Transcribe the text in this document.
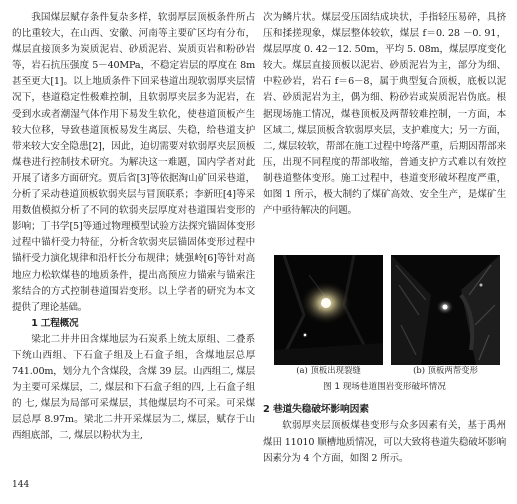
我国煤层赋存条件复杂多样，软弱厚层顶板条件所占的比重较大，在山西、安徽、河南等主要矿区均有分布，煤层直接顶多为炭质泥岩、砂质泥岩、炭质页岩和粉砂岩等，岩石抗压强度 5－40MPa，不稳定岩层的厚度在 8m 甚至更大[1]。以上地质条件下回采巷道出现软弱厚夹层情况下，巷道稳定性极难控制，且软弱厚夹层多为泥岩，在受到水或者潮湿气体作用下易发生软化，使巷道顶板产生较大位移，导致巷道顶板易发生离层、失稳，给巷道支护带来较大安全隐患[2]，因此，迫切需要对软弱厚夹层顶板煤巷进行控制技术研究。为解决这一难题，国内学者对此开展了诸多方面研究。贾后省[3]等依据淘山矿回采巷道，分析了采动巷道顶板软弱夹层与冒顶联系；李新旺[4]等采用数值模拟分析了不同的软弱夹层厚度对巷道围岩变形的影响；丁书学[5]等通过物理模型试验方法探究锚固体变形过程中锚杆受力特征，分析含软弱夹层锚固体变形过程中锚杆受力演化规律和沿杆长分布规律；姚强岭[6]等针对高地应力松软煤巷的地质条件，提出高预应力锚索与锚索注浆结合的方式控制巷道围岩变形。以上学者的研究为本文提供了理论基础。

1 工程概况

梁北二井井田含煤地层为石炭系上统太原组、二叠系下统山西组、下石盒子组及上石盒子组，含煤地层总厚 741.00m，划分九个含煤段，含煤 39 层。山西组二, 煤层为主要可采煤层，二, 煤层和下石盒子组的四, 上石盒子组的 七, 煤层为局部可采煤层，其他煤层均不可采。可采煤层总厚 8.97m。梁北二井开采煤层为二, 煤层，赋存于山西组底部，二, 煤层以粉状为主,

次为鳞片状。煤层受压固结成块状，手指轻压易碎，具挤压和揉搓现象，煤层整体较软，煤层 f＝0. 28 －0. 91，煤层厚度 0. 42－12. 50m，平均 5. 08m，煤层厚度变化较大。煤层直接顶板以泥岩、砂质泥岩为主，部分为细、中粒砂岩，岩石 f＝6－8，属于典型复合顶板，底板以泥岩、砂质泥岩为主，偶为细、粉砂岩或炭质泥岩伪底。根据现场施工情况，煤巷顶板及两帮较难控制，一方面，本区域二, 煤层顶板含软弱厚夹层，支护难度大；另一方面，二, 煤层较软，帮部在施工过程中垮落严重，后期因帮部来压，出现不同程度的帮部收缩，普通支护方式难以有效控制巷道整体变形。施工过程中，巷道变形破坏程度严重，如图 1 所示，极大制约了煤矿高效、安全生产，是煤矿生产中亟待解决的问题。

(a) 顶板出现裂缝	(b) 顶板两帮变形
图 1 现场巷道围岩变形破坏情况

2 巷道失稳破坏影响因素

软弱厚夹层顶板煤巷变形与众多因素有关，基于禹州煤田 11010 顺槽地质情况，可以大致将巷道失稳破坏影响因素分为 4 个方面，如图 2 所示。

144
